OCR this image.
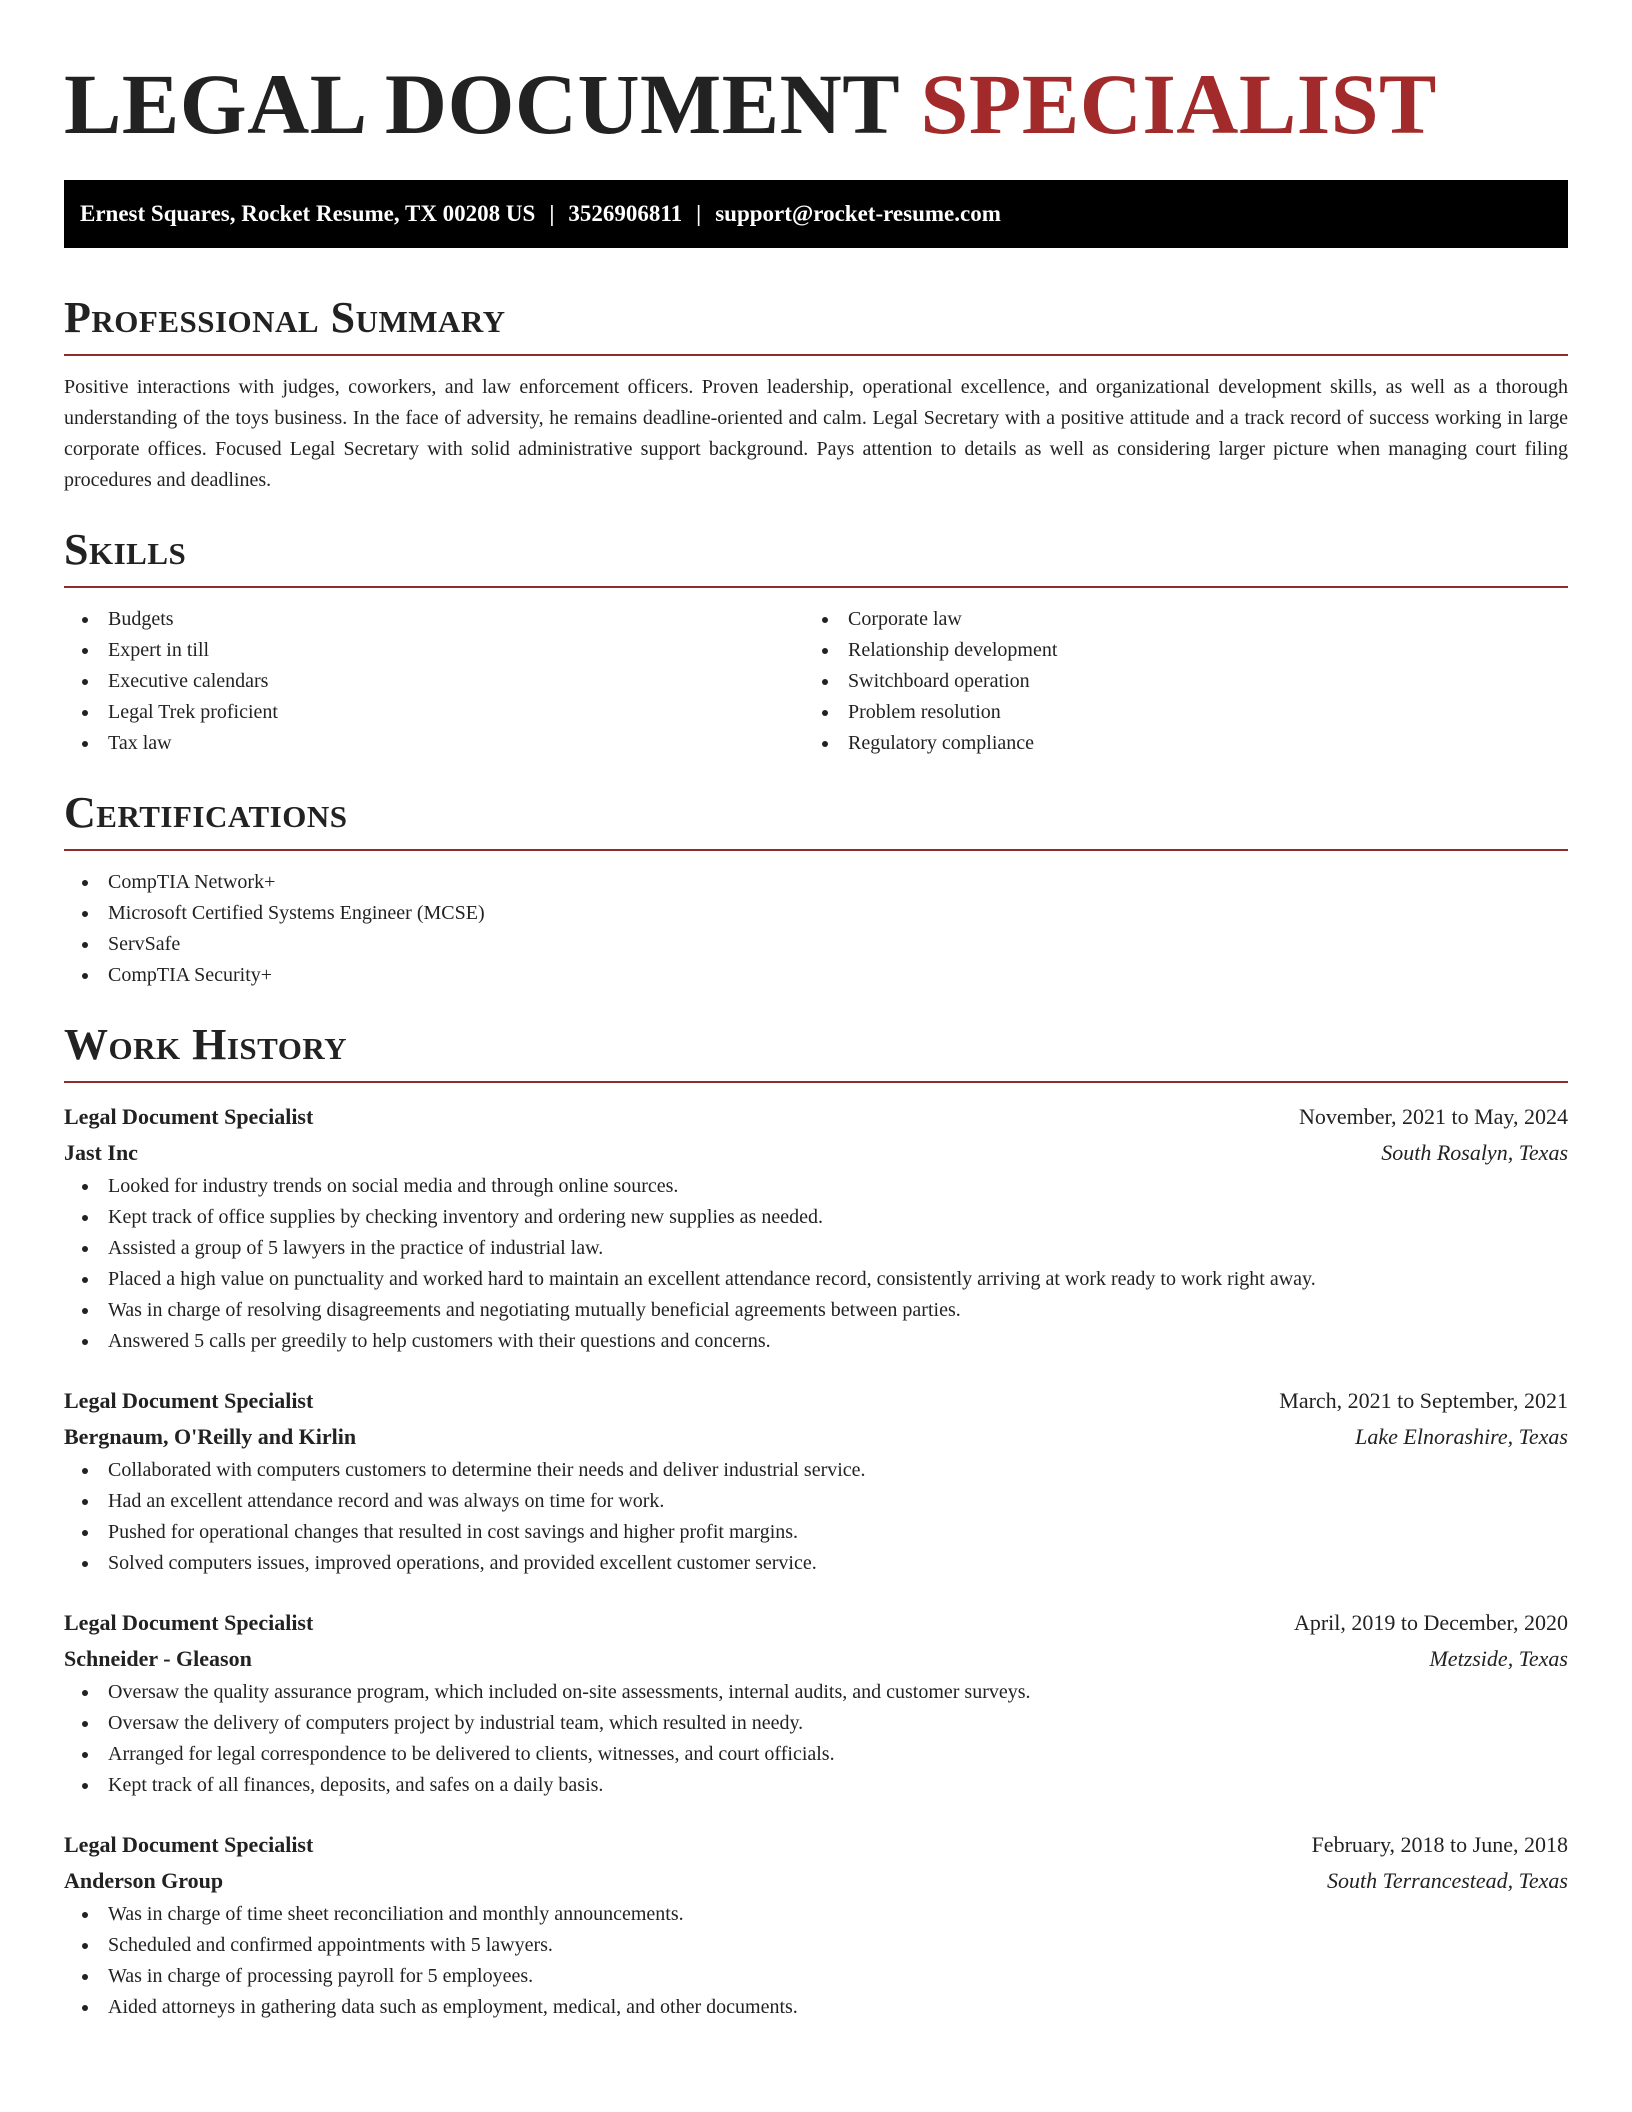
LEGAL DOCUMENT SPECIALIST
Ernest Squares, Rocket Resume, TX 00208 US | 3526906811 | support@rocket-resume.com
Professional Summary

Positive interactions with judges, coworkers, and law enforcement officers. Proven leadership, operational excellence, and organizational development skills, as well as a thorough understanding of the toys business. In the face of adversity, he remains deadline-oriented and calm. Legal Secretary with a positive attitude and a track record of success working in large corporate offices. Focused Legal Secretary with solid administrative support background. Pays attention to details as well as considering larger picture when managing court filing procedures and deadlines.

Skills
Budgets
Expert in till
Executive calendars
Legal Trek proficient
Tax law
Corporate law
Relationship development
Switchboard operation
Problem resolution
Regulatory compliance
Certifications
CompTIA Network+
Microsoft Certified Systems Engineer (MCSE)
ServSafe
CompTIA Security+
Work History
Legal Document Specialist	November, 2021 to May, 2024
Jast Inc	South Rosalyn, Texas
Looked for industry trends on social media and through online sources.
Kept track of office supplies by checking inventory and ordering new supplies as needed.
Assisted a group of 5 lawyers in the practice of industrial law.
Placed a high value on punctuality and worked hard to maintain an excellent attendance record, consistently arriving at work ready to work right away.
Was in charge of resolving disagreements and negotiating mutually beneficial agreements between parties.
Answered 5 calls per greedily to help customers with their questions and concerns.
Legal Document Specialist	March, 2021 to September, 2021
Bergnaum, O'Reilly and Kirlin	Lake Elnorashire, Texas
Collaborated with computers customers to determine their needs and deliver industrial service.
Had an excellent attendance record and was always on time for work.
Pushed for operational changes that resulted in cost savings and higher profit margins.
Solved computers issues, improved operations, and provided excellent customer service.
Legal Document Specialist	April, 2019 to December, 2020
Schneider - Gleason	Metzside, Texas
Oversaw the quality assurance program, which included on-site assessments, internal audits, and customer surveys.
Oversaw the delivery of computers project by industrial team, which resulted in needy.
Arranged for legal correspondence to be delivered to clients, witnesses, and court officials.
Kept track of all finances, deposits, and safes on a daily basis.
Legal Document Specialist	February, 2018 to June, 2018
Anderson Group	South Terrancestead, Texas
Was in charge of time sheet reconciliation and monthly announcements.
Scheduled and confirmed appointments with 5 lawyers.
Was in charge of processing payroll for 5 employees.
Aided attorneys in gathering data such as employment, medical, and other documents.
